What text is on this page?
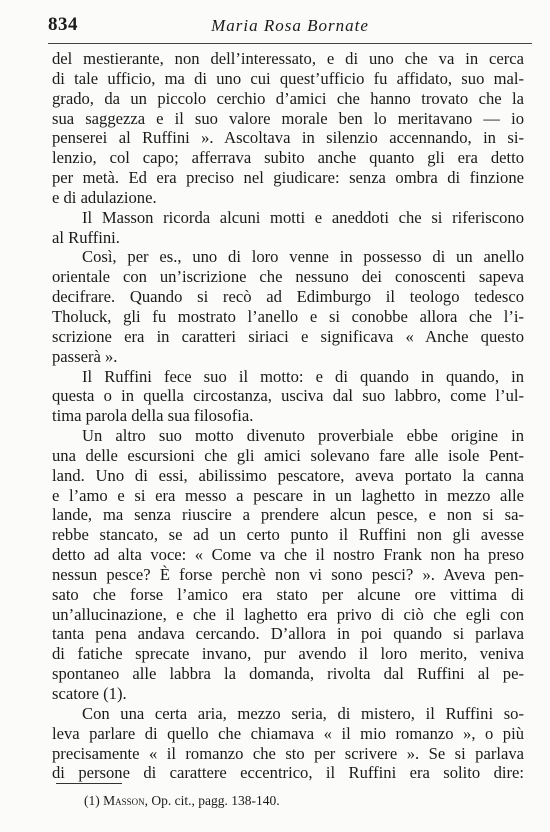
834	Maria Rosa Bornate
del mestierante, non dell’interessato, e di uno che va in cerca
di tale ufficio, ma di uno cui quest’ufficio fu affidato, suo mal-
grado, da un piccolo cerchio d’amici che hanno trovato che la
sua saggezza e il suo valore morale ben lo meritavano — io
penserei al Ruffini ». Ascoltava in silenzio accennando, in si-
lenzio, col capo; afferrava subito anche quanto gli era detto
per metà. Ed era preciso nel giudicare: senza ombra di finzione
e di adulazione.
Il Masson ricorda alcuni motti e aneddoti che si riferiscono
al Ruffini.
Così, per es., uno di loro venne in possesso di un anello
orientale con un’iscrizione che nessuno dei conoscenti sapeva
decifrare. Quando si recò ad Edimburgo il teologo tedesco
Tholuck, gli fu mostrato l’anello e si conobbe allora che l’i-
scrizione era in caratteri siriaci e significava « Anche questo
passerà ».
Il Ruffini fece suo il motto: e di quando in quando, in
questa o in quella circostanza, usciva dal suo labbro, come l’ul-
tima parola della sua filosofia.
Un altro suo motto divenuto proverbiale ebbe origine in
una delle escursioni che gli amici solevano fare alle isole Pent-
land. Uno di essi, abilissimo pescatore, aveva portato la canna
e l’amo e si era messo a pescare in un laghetto in mezzo alle
lande, ma senza riuscire a prendere alcun pesce, e non si sa-
rebbe stancato, se ad un certo punto il Ruffini non gli avesse
detto ad alta voce: « Come va che il nostro Frank non ha preso
nessun pesce? È forse perchè non vi sono pesci? ». Aveva pen-
sato che forse l’amico era stato per alcune ore vittima di
un’allucinazione, e che il laghetto era privo di ciò che egli con
tanta pena andava cercando. D’allora in poi quando si parlava
di fatiche sprecate invano, pur avendo il loro merito, veniva
spontaneo alle labbra la domanda, rivolta dal Ruffini al pe-
scatore (1).
Con una certa aria, mezzo seria, di mistero, il Ruffini so-
leva parlare di quello che chiamava « il mio romanzo », o più
precisamente « il romanzo che sto per scrivere ». Se si parlava
di persone di carattere eccentrico, il Ruffini era solito dire:
(1) Masson, Op. cit., pagg. 138-140.
